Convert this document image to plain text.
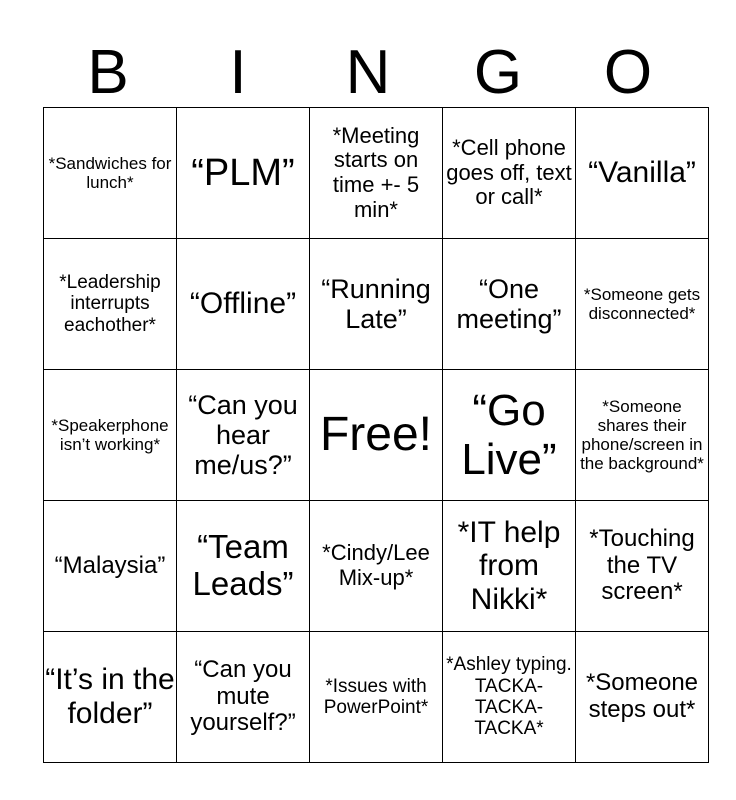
B	I	N	G	O
*Sandwiches for lunch*	“PLM”	*Meeting starts on time +- 5 min*	*Cell phone goes off, text or call*	“Vanilla”
*Leadership interrupts eachother*	“Offline”	“Running Late”	“One meeting”	*Someone gets disconnected*
*Speakerphone isn’t working*	“Can you hear me/us?”	Free!	“Go Live”	*Someone shares their phone/screen in the background*
“Malaysia”	“Team Leads”	*Cindy/Lee Mix-up*	*IT help from Nikki*	*Touching the TV screen*
“It’s in the folder”	“Can you mute yourself?”	*Issues with PowerPoint*	*Ashley typing. TACKA-TACKA-TACKA*	*Someone steps out*
